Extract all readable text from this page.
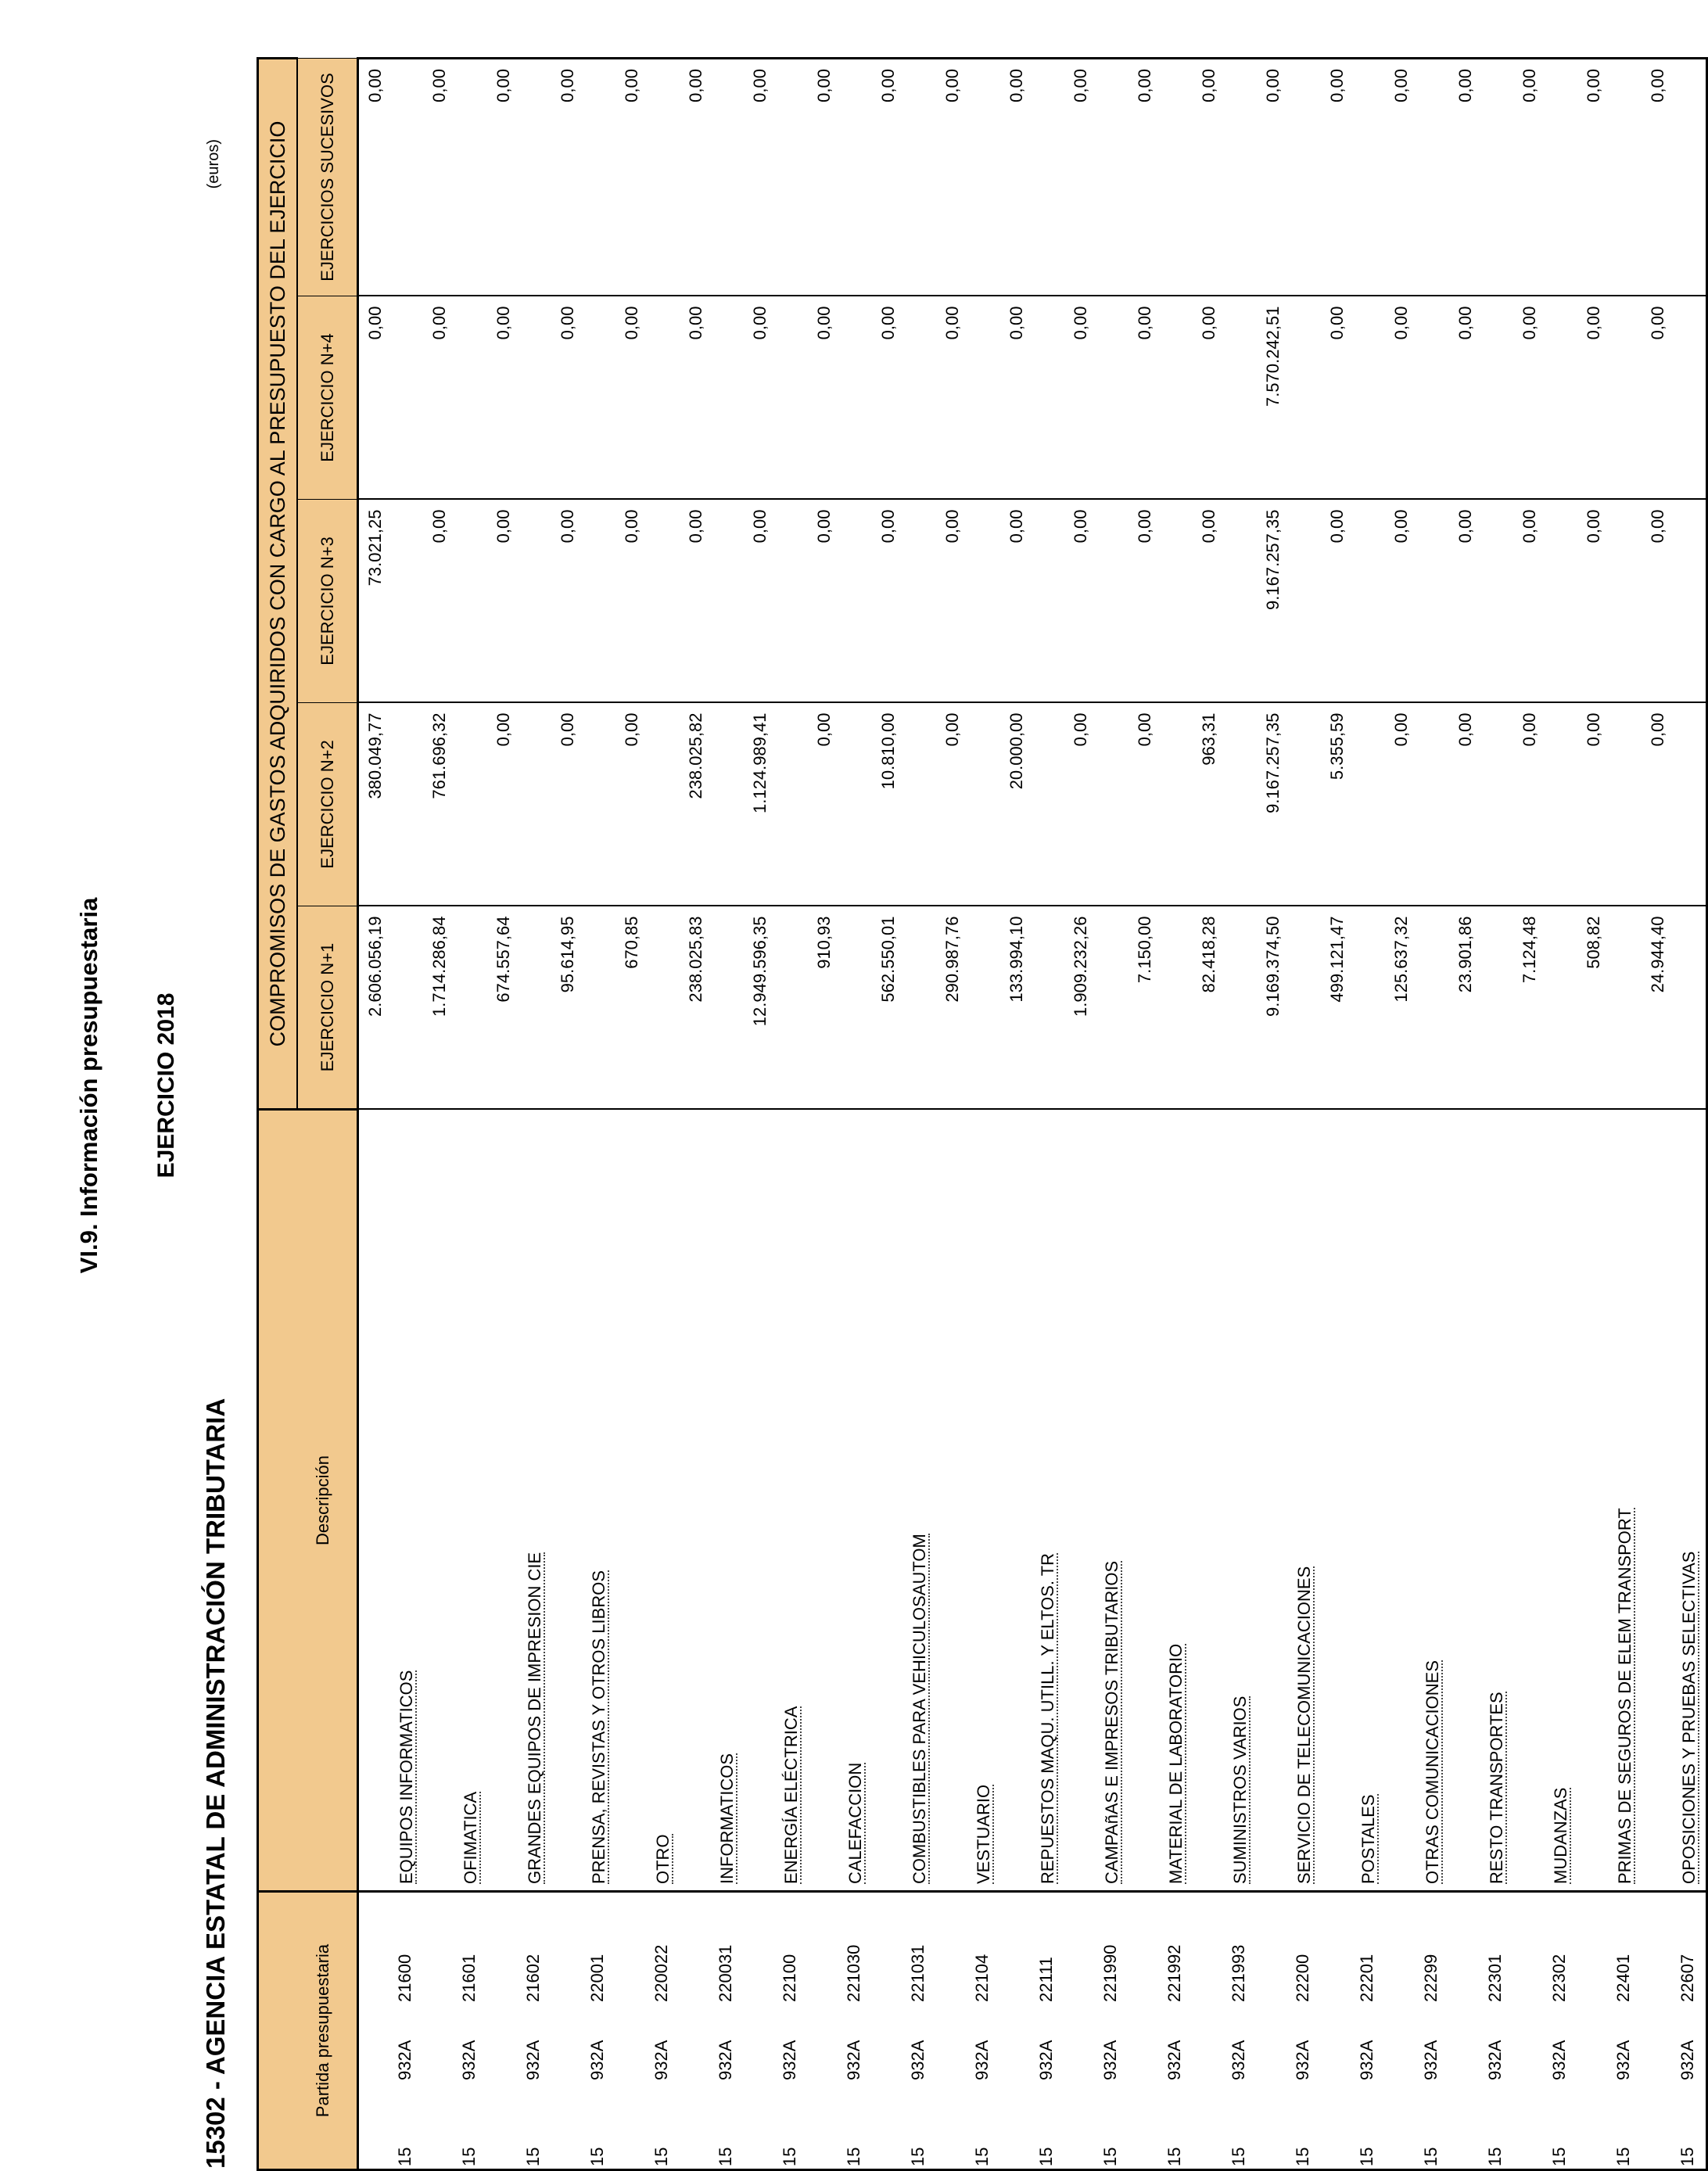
VI.9. Información presupuestaria EJERCICIO 2018
15302 - AGENCIA ESTATAL DE ADMINISTRACIÓN TRIBUTARIA
(euros)
Partida presupuestaria	Descripción	COMPROMISOS DE GASTOS ADQUIRIDOS CON CARGO AL PRESUPUESTO DEL EJERCICIO				
		EJERCICIO N+1	EJERCICIO N+2	EJERCICIO N+3	EJERCICIO N+4	EJERCICIOS SUCESIVOS
15932A21600	EQUIPOS INFORMATICOS	2.606.056,19	380.049,77	73.021,25	0,00	0,00
15932A21601	OFIMATICA	1.714.286,84	761.696,32	0,00	0,00	0,00
15932A21602	GRANDES EQUIPOS DE IMPRESION CIE	674.557,64	0,00	0,00	0,00	0,00
15932A22001	PRENSA, REVISTAS Y OTROS LIBROS	95.614,95	0,00	0,00	0,00	0,00
15932A220022	OTRO	670,85	0,00	0,00	0,00	0,00
15932A220031	INFORMATICOS	238.025,83	238.025,82	0,00	0,00	0,00
15932A22100	ENERGÍA ELÉCTRICA	12.949.596,35	1.124.989,41	0,00	0,00	0,00
15932A221030	CALEFACCION	910,93	0,00	0,00	0,00	0,00
15932A221031	COMBUSTIBLES PARA VEHICULOSAUTOM	562.550,01	10.810,00	0,00	0,00	0,00
15932A22104	VESTUARIO	290.987,76	0,00	0,00	0,00	0,00
15932A22111	REPUESTOS MAQU. UTILL. Y ELTOS. TR	133.994,10	20.000,00	0,00	0,00	0,00
15932A221990	CAMPAñAS E IMPRESOS TRIBUTARIOS	1.909.232,26	0,00	0,00	0,00	0,00
15932A221992	MATERIAL DE LABORATORIO	7.150,00	0,00	0,00	0,00	0,00
15932A221993	SUMINISTROS VARIOS	82.418,28	963,31	0,00	0,00	0,00
15932A22200	SERVICIO DE TELECOMUNICACIONES	9.169.374,50	9.167.257,35	9.167.257,35	7.570.242,51	0,00
15932A22201	POSTALES	499.121,47	5.355,59	0,00	0,00	0,00
15932A22299	OTRAS COMUNICACIONES	125.637,32	0,00	0,00	0,00	0,00
15932A22301	RESTO TRANSPORTES	23.901,86	0,00	0,00	0,00	0,00
15932A22302	MUDANZAS	7.124,48	0,00	0,00	0,00	0,00
15932A22401	PRIMAS DE SEGUROS DE ELEM TRANSPORT	508,82	0,00	0,00	0,00	0,00
15932A22607	OPOSICIONES Y PRUEBAS SELECTIVAS	24.944,40	0,00	0,00	0,00	0,00
